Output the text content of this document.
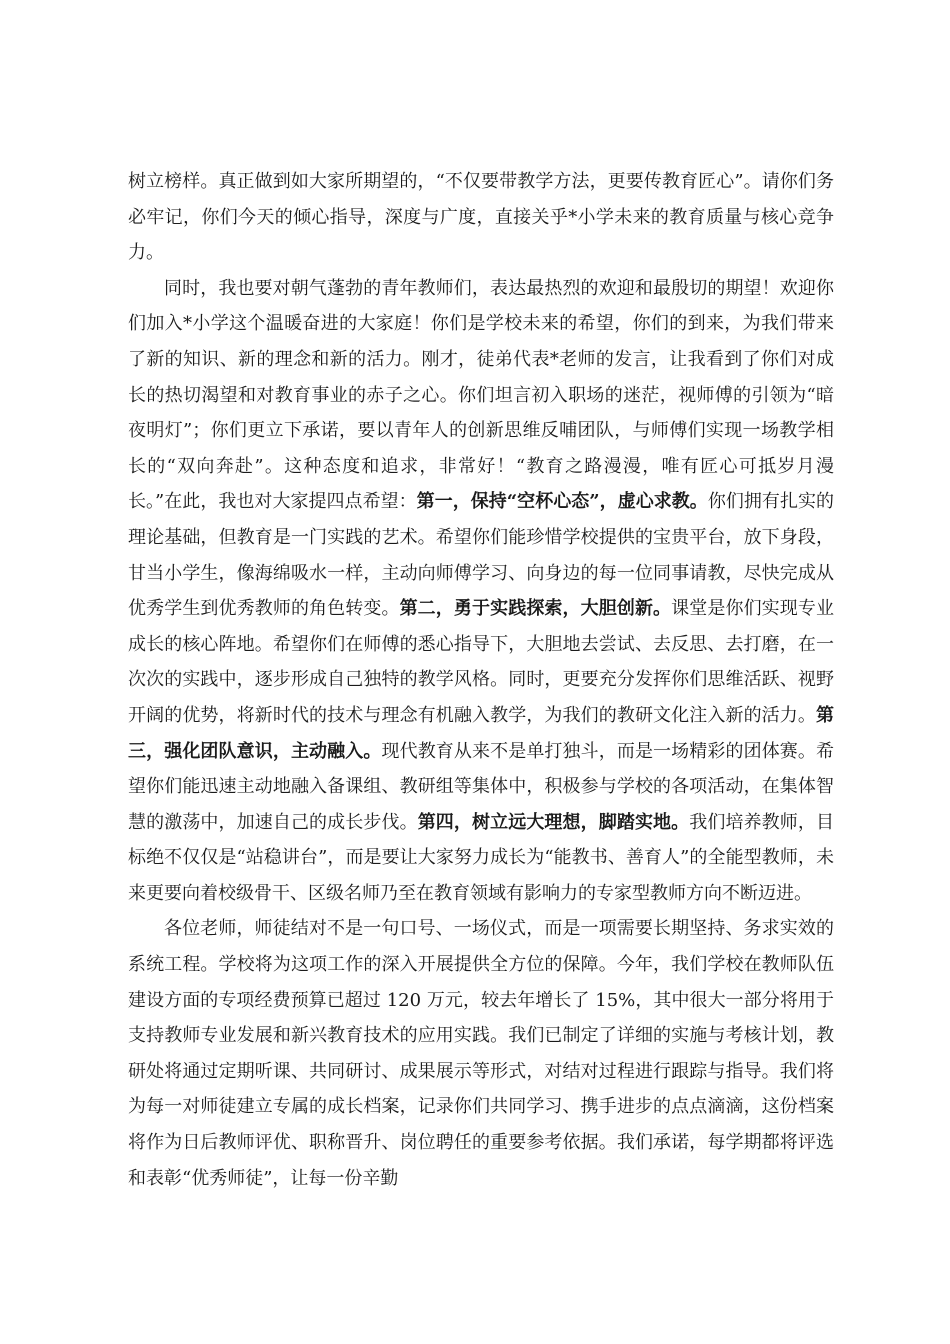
树立榜样。真正做到如大家所期望的，“不仅要带教学方法，更要传教育匠心”。请你们务必牢记，你们今天的倾心指导，深度与广度，直接关乎*小学未来的教育质量与核心竞争力。

同时，我也要对朝气蓬勃的青年教师们，表达最热烈的欢迎和最殷切的期望！欢迎你们加入*小学这个温暖奋进的大家庭！你们是学校未来的希望，你们的到来，为我们带来了新的知识、新的理念和新的活力。刚才，徒弟代表*老师的发言，让我看到了你们对成长的热切渴望和对教育事业的赤子之心。你们坦言初入职场的迷茫，视师傅的引领为“暗夜明灯”；你们更立下承诺，要以青年人的创新思维反哺团队，与师傅们实现一场教学相长的“双向奔赴”。这种态度和追求，非常好！“教育之路漫漫，唯有匠心可抵岁月漫长。”在此，我也对大家提四点希望：第一，保持“空杯心态”，虚心求教。你们拥有扎实的理论基础，但教育是一门实践的艺术。希望你们能珍惜学校提供的宝贵平台，放下身段，甘当小学生，像海绵吸水一样，主动向师傅学习、向身边的每一位同事请教，尽快完成从优秀学生到优秀教师的角色转变。第二，勇于实践探索，大胆创新。课堂是你们实现专业成长的核心阵地。希望你们在师傅的悉心指导下，大胆地去尝试、去反思、去打磨，在一次次的实践中，逐步形成自己独特的教学风格。同时，更要充分发挥你们思维活跃、视野开阔的优势，将新时代的技术与理念有机融入教学，为我们的教研文化注入新的活力。第三，强化团队意识，主动融入。现代教育从来不是单打独斗，而是一场精彩的团体赛。希望你们能迅速主动地融入备课组、教研组等集体中，积极参与学校的各项活动，在集体智慧的激荡中，加速自己的成长步伐。第四，树立远大理想，脚踏实地。我们培养教师，目标绝不仅仅是“站稳讲台”，而是要让大家努力成长为“能教书、善育人”的全能型教师，未来更要向着校级骨干、区级名师乃至在教育领域有影响力的专家型教师方向不断迈进。

各位老师，师徒结对不是一句口号、一场仪式，而是一项需要长期坚持、务求实效的系统工程。学校将为这项工作的深入开展提供全方位的保障。今年，我们学校在教师队伍建设方面的专项经费预算已超过 120 万元，较去年增长了 15%，其中很大一部分将用于支持教师专业发展和新兴教育技术的应用实践。我们已制定了详细的实施与考核计划，教研处将通过定期听课、共同研讨、成果展示等形式，对结对过程进行跟踪与指导。我们将为每一对师徒建立专属的成长档案，记录你们共同学习、携手进步的点点滴滴，这份档案将作为日后教师评优、职称晋升、岗位聘任的重要参考依据。我们承诺，每学期都将评选和表彰“优秀师徒”，让每一份辛勤
